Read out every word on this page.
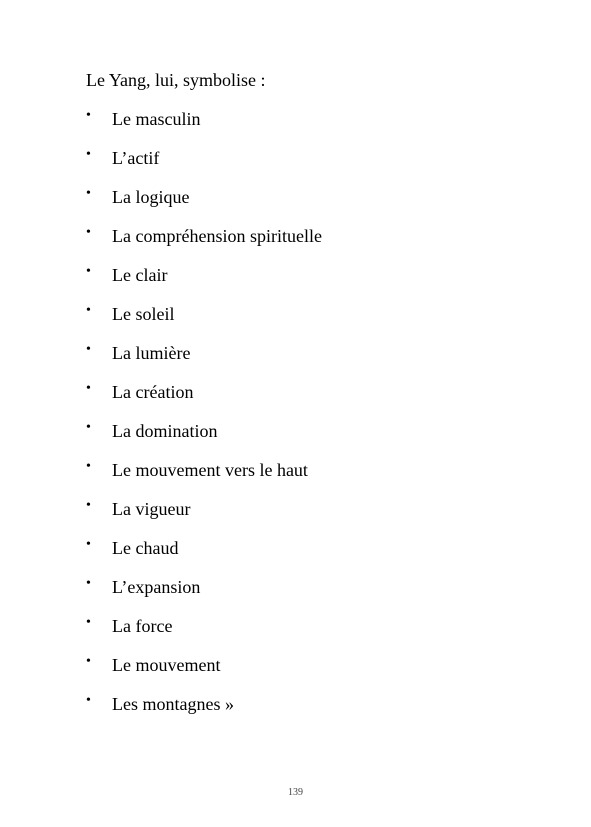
Le Yang, lui, symbolise :
• Le masculin
• L’actif
• La logique
• La compréhension spirituelle
• Le clair
• Le soleil
• La lumière
• La création
• La domination
• Le mouvement vers le haut
• La vigueur
• Le chaud
• L’expansion
• La force
• Le mouvement
• Les montagnes »
139
